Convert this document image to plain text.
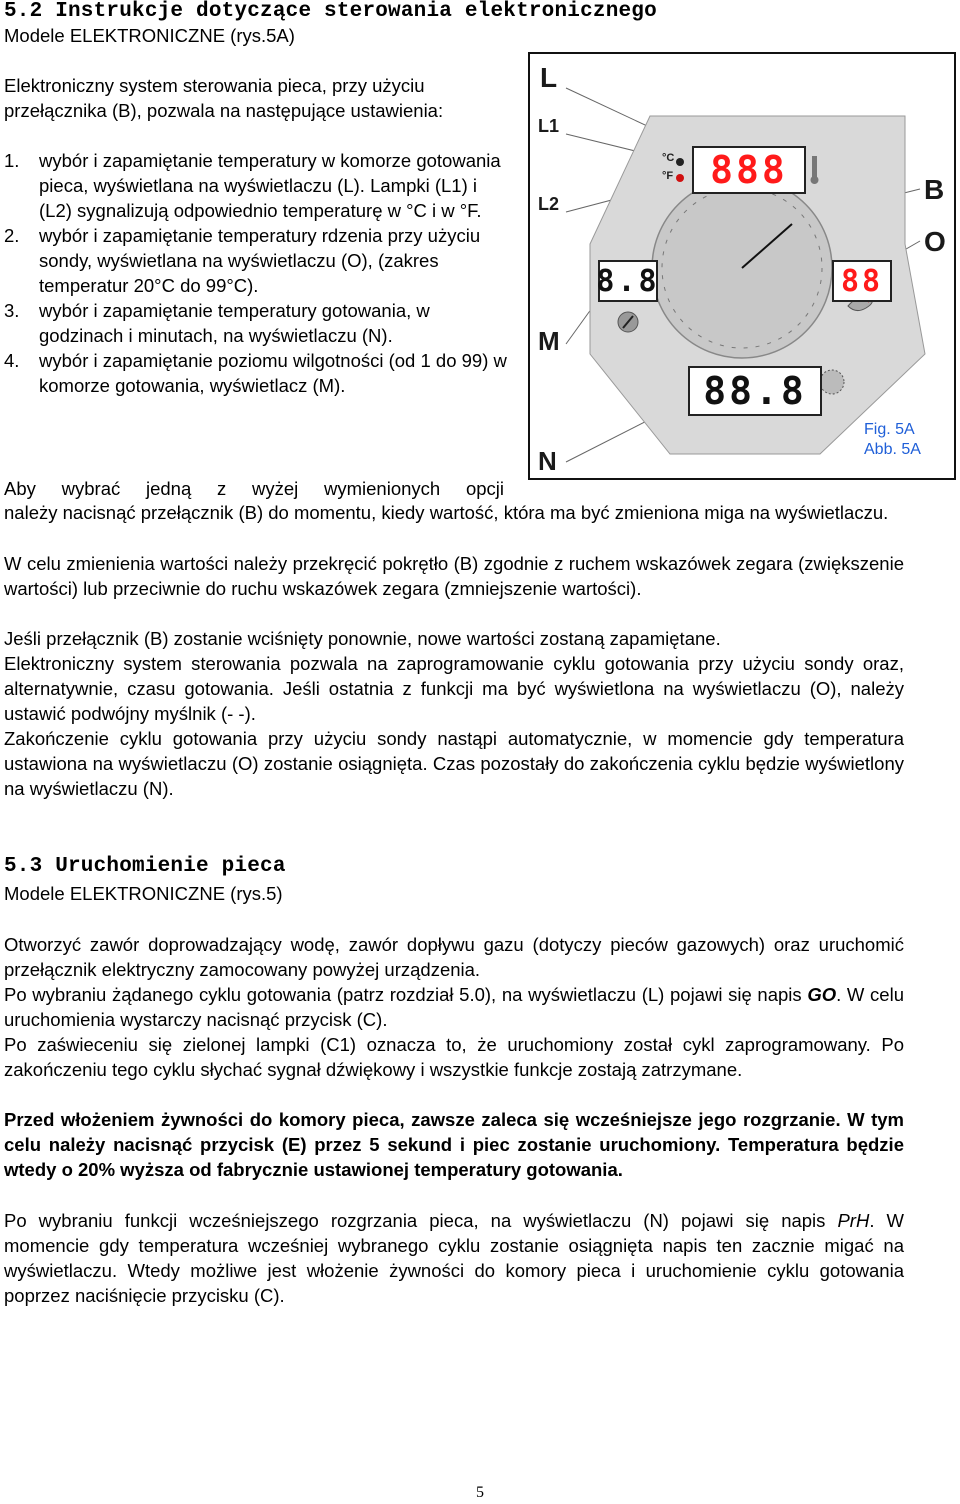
5.2 Instrukcje dotyczące sterowania elektronicznego
Modele ELEKTRONICZNE (rys.5A)
Elektroniczny system sterowania pieca, przy użyciu przełącznika (B), pozwala na następujące ustawienia:
1. wybór i zapamiętanie temperatury w komorze gotowania pieca, wyświetlana na wyświetlaczu (L). Lampki (L1) i (L2) sygnalizują odpowiednio temperaturę w °C i w °F.
2. wybór i zapamiętanie temperatury rdzenia przy użyciu sondy, wyświetlana na wyświetlaczu (O), (zakres temperatur 20°C do 99°C).
3. wybór i zapamiętanie temperatury gotowania, w godzinach i minutach, na wyświetlaczu (N).
4. wybór i zapamiętanie poziomu wilgotności (od 1 do 99) w komorze gotowania, wyświetlacz (M).
Aby wybrać jedną z wyżej wymienionych opcji
należy nacisnąć przełącznik (B) do momentu, kiedy wartość, która ma być zmieniona miga na wyświetlaczu.
W celu zmienienia wartości należy przekręcić pokrętło (B) zgodnie z ruchem wskazówek zegara (zwiększenie wartości) lub przeciwnie do ruchu wskazówek zegara (zmniejszenie wartości).
Jeśli przełącznik (B) zostanie wciśnięty ponownie, nowe wartości zostaną zapamiętane.
Elektroniczny system sterowania pozwala na zaprogramowanie cyklu gotowania przy użyciu sondy oraz, alternatywnie, czasu gotowania. Jeśli ostatnia z funkcji ma być wyświetlona na wyświetlaczu (O), należy ustawić podwójny myślnik (- -).
Zakończenie cyklu gotowania przy użyciu sondy nastąpi automatycznie, w momencie gdy temperatura ustawiona na wyświetlaczu (O) zostanie osiągnięta. Czas pozostały do zakończenia cyklu będzie wyświetlony na wyświetlaczu (N).
L
L1
L2
M
N
B
O
°C
°F 888
8.8	88
88.8
Fig. 5A
Abb. 5A
5.3 Uruchomienie pieca
Modele ELEKTRONICZNE (rys.5)
Otworzyć zawór doprowadzający wodę, zawór dopływu gazu (dotyczy pieców gazowych) oraz uruchomić przełącznik elektryczny zamocowany powyżej urządzenia.
Po wybraniu żądanego cyklu gotowania (patrz rozdział 5.0), na wyświetlaczu (L) pojawi się napis GO. W celu uruchomienia wystarczy nacisnąć przycisk (C).
Po zaświeceniu się zielonej lampki (C1) oznacza to, że uruchomiony został cykl zaprogramowany. Po zakończeniu tego cyklu słychać sygnał dźwiękowy i wszystkie funkcje zostają zatrzymane.
Przed włożeniem żywności do komory pieca, zawsze zaleca się wcześniejsze jego rozgrzanie. W tym celu należy nacisnąć przycisk (E) przez 5 sekund i piec zostanie uruchomiony. Temperatura będzie wtedy o 20% wyższa od fabrycznie ustawionej temperatury gotowania.
Po wybraniu funkcji wcześniejszego rozgrzania pieca, na wyświetlaczu (N) pojawi się napis PrH. W momencie gdy temperatura wcześniej wybranego cyklu zostanie osiągnięta napis ten zacznie migać na wyświetlaczu. Wtedy możliwe jest włożenie żywności do komory pieca i uruchomienie cyklu gotowania poprzez naciśnięcie przycisku (C).
5
